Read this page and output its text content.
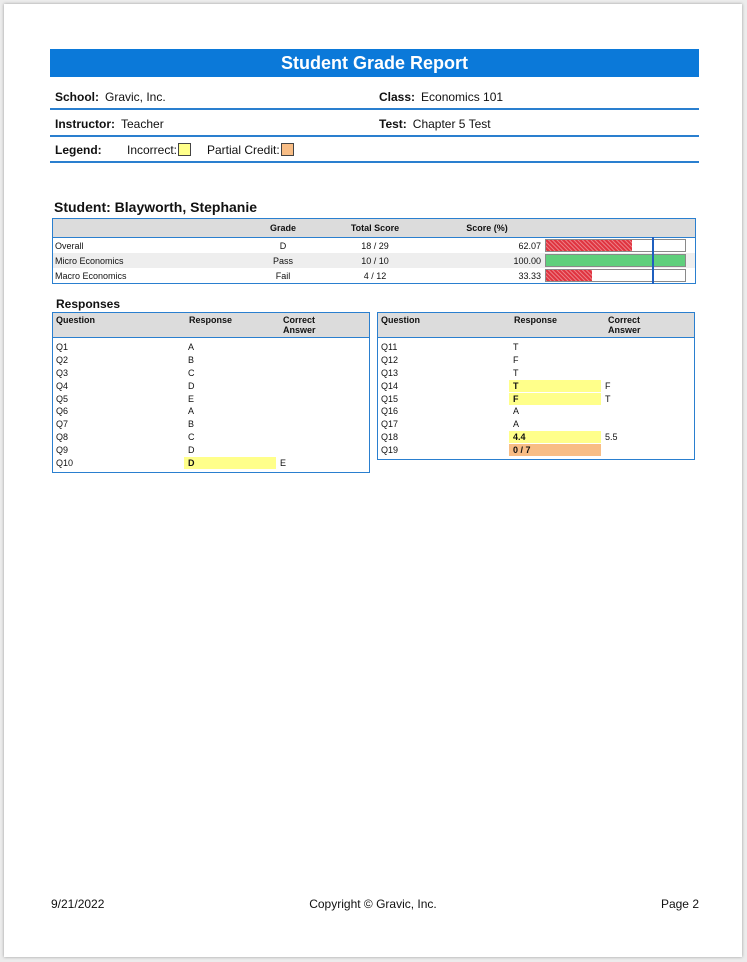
Student Grade Report
School: Gravic, Inc.	Class: Economics 101
Instructor: Teacher	Test: Chapter 5 Test
Legend:	Incorrect:	Partial Credit:
Student: Blayworth, Stephanie
	Grade	Total Score	Score (%)	
Overall	D	18 / 29	62.07	

Micro Economics	Pass	10 / 10	100.00	

Macro Economics	Fail	4 / 12	33.33	
Responses
Question	Response	Correct
Answer
Q1	A
Q2	B
Q3	C
Q4	D
Q5	E
Q6	A
Q7	B
Q8	C
Q9	D
Q10	D	E
Question	Response	Correct
Answer
Q11	T
Q12	F
Q13	T
Q14	T	F
Q15	F	T
Q16	A
Q17	A
Q18	4.4	5.5
Q19	0 / 7
9/21/2022	Copyright © Gravic, Inc.	Page 2
